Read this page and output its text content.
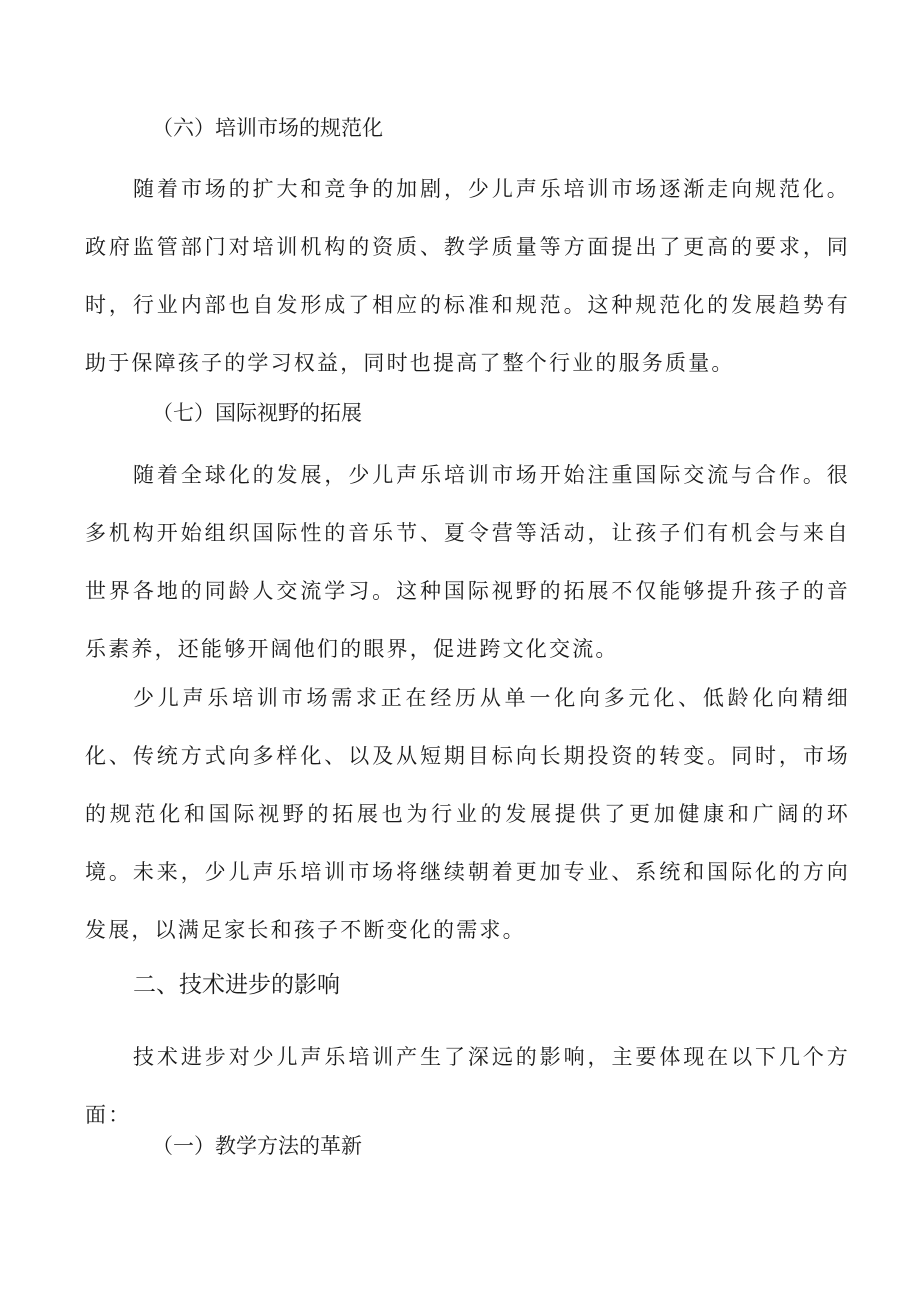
（六）培训市场的规范化

随着市场的扩大和竞争的加剧，少儿声乐培训市场逐渐走向规范化。政府监管部门对培训机构的资质、教学质量等方面提出了更高的要求，同时，行业内部也自发形成了相应的标准和规范。这种规范化的发展趋势有助于保障孩子的学习权益，同时也提高了整个行业的服务质量。

（七）国际视野的拓展

随着全球化的发展，少儿声乐培训市场开始注重国际交流与合作。很多机构开始组织国际性的音乐节、夏令营等活动，让孩子们有机会与来自世界各地的同龄人交流学习。这种国际视野的拓展不仅能够提升孩子的音乐素养，还能够开阔他们的眼界，促进跨文化交流。

少儿声乐培训市场需求正在经历从单一化向多元化、低龄化向精细化、传统方式向多样化、以及从短期目标向长期投资的转变。同时，市场的规范化和国际视野的拓展也为行业的发展提供了更加健康和广阔的环境。未来，少儿声乐培训市场将继续朝着更加专业、系统和国际化的方向发展，以满足家长和孩子不断变化的需求。

二、技术进步的影响

技术进步对少儿声乐培训产生了深远的影响，主要体现在以下几个方面：

（一）教学方法的革新
